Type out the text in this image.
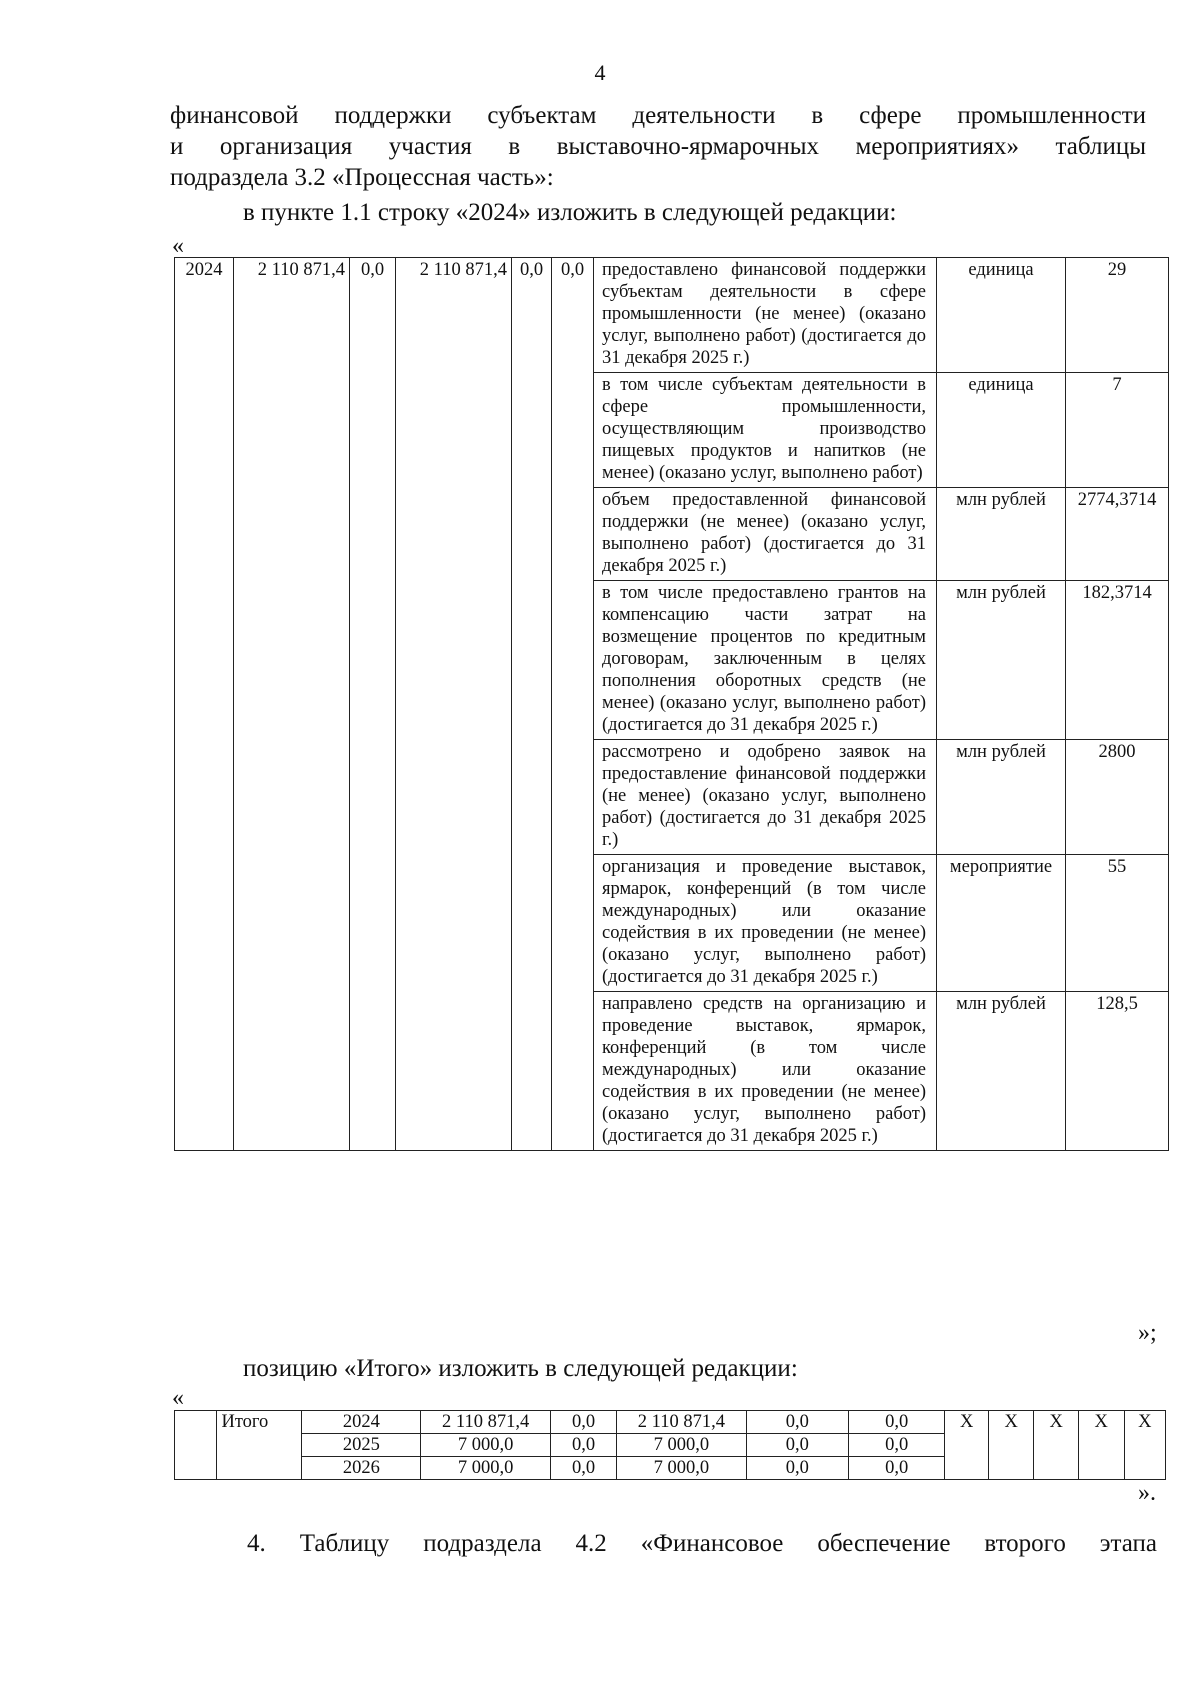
4

финансовой поддержки субъектам деятельности в сфере промышленности

и организация участия в выставочно-ярмарочных мероприятиях» таблицы

подраздела 3.2 «Процессная часть»:

в пункте 1.1 строку «2024» изложить в следующей редакции:
«
2024	2 110 871,4	0,0	2 110 871,4	0,0	0,0	предоставлено финансовой поддержки субъектам деятельности в сфере промышленности (не менее) (оказано услуг, выполнено работ) (достигается до 31 декабря 2025 г.)	единица	29
						в том числе субъектам деятельности в сфере промышленности, осуществляющим производство пищевых продуктов и напитков (не менее) (оказано услуг, выполнено работ)	единица	7
						объем предоставленной финансовой поддержки (не менее) (оказано услуг, выполнено работ) (достигается до 31 декабря 2025 г.)	млн рублей	2774,3714
						в том числе предоставлено грантов на компенсацию части затрат на возмещение процентов по кредитным договорам, заключенным в целях пополнения оборотных средств (не менее) (оказано услуг, выполнено работ) (достигается до 31 декабря 2025 г.)	млн рублей	182,3714
						рассмотрено и одобрено заявок на предоставление финансовой поддержки (не менее) (оказано услуг, выполнено работ) (достигается до 31 декабря 2025 г.)	млн рублей	2800
						организация и проведение выставок, ярмарок, конференций (в том числе международных) или оказание содействия в их проведении (не менее) (оказано услуг, выполнено работ) (достигается до 31 декабря 2025 г.)	мероприятие	55
						направлено средств на организацию и проведение выставок, ярмарок, конференций (в том числе международных) или оказание содействия в их проведении (не менее) (оказано услуг, выполнено работ) (достигается до 31 декабря 2025 г.)	млн рублей	128,5
»;
позицию «Итого» изложить в следующей редакции:
«
	Итого	2024	2 110 871,4	0,0	2 110 871,4	0,0	0,0	X	X	X	X	X
		2025	7 000,0	0,0	7 000,0	0,0	0,0					
		2026	7 000,0	0,0	7 000,0	0,0	0,0					
».
4. Таблицу подраздела 4.2 «Финансовое обеспечение второго этапа
